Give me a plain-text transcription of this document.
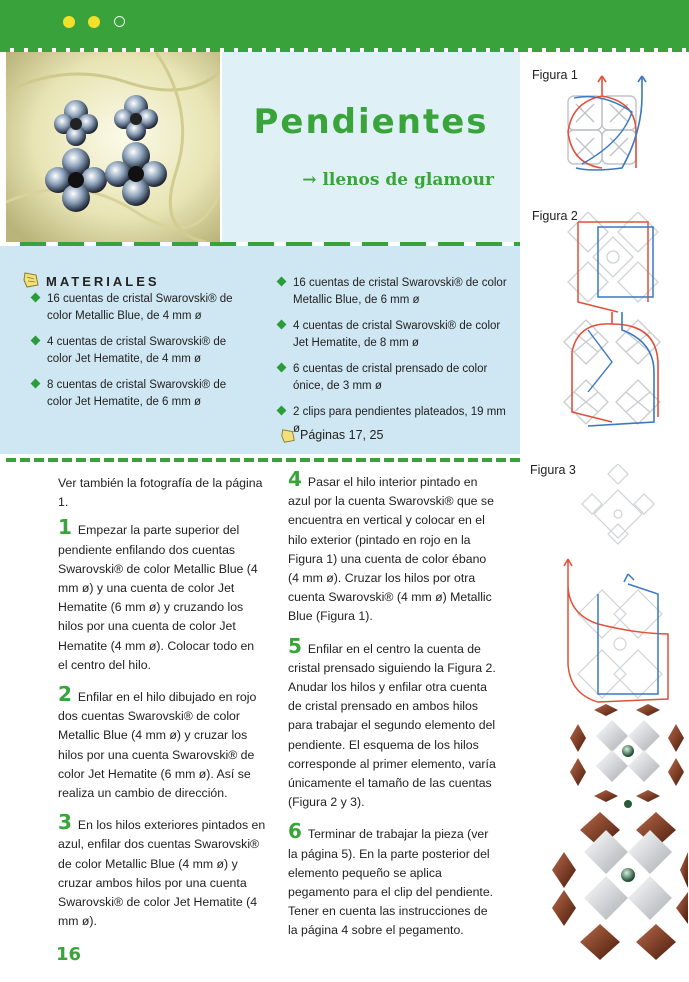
Pendientes
→ llenos de glamour
MATERIALES
16 cuentas de cristal Swarovski® de color Metallic Blue, de 4 mm ø
4 cuentas de cristal Swarovski® de color Jet Hematite, de 4 mm ø
8 cuentas de cristal Swarovski® de color Jet Hematite, de 6 mm ø
16 cuentas de cristal Swarovski® de color Metallic Blue, de 6 mm ø
4 cuentas de cristal Swarovski® de color Jet Hematite, de 8 mm ø
6 cuentas de cristal prensado de color ónice, de 3 mm ø
2 clips para pendientes plateados, 19 mm ø Páginas 17, 25

Ver también la fotografía de la página 1.

1 Empezar la parte superior del pendiente enfilando dos cuentas Swarovski® de color Metallic Blue (4 mm ø) y una cuenta de color Jet Hematite (6 mm ø) y cruzando los hilos por una cuenta de color Jet Hematite (4 mm ø). Colocar todo en el centro del hilo.

2 Enfilar en el hilo dibujado en rojo dos cuentas Swarovski® de color Metallic Blue (4 mm ø) y cruzar los hilos por una cuenta Swarovski® de color Jet Hematite (6 mm ø). Así se realiza un cambio de dirección.

3 En los hilos exteriores pintados en azul, enfilar dos cuentas Swarovski® de color Metallic Blue (4 mm ø) y cruzar ambos hilos por una cuenta Swarovski® de color Jet Hematite (4 mm ø).

4 Pasar el hilo interior pintado en azul por la cuenta Swarovski® que se encuentra en vertical y colocar en el hilo exterior (pintado en rojo en la Figura 1) una cuenta de color ébano (4 mm ø). Cruzar los hilos por otra cuenta Swarovski® (4 mm ø) Metallic Blue (Figura 1).

5 Enfilar en el centro la cuenta de cristal prensado siguiendo la Figura 2. Anudar los hilos y enfilar otra cuenta de cristal prensado en ambos hilos para trabajar el segundo elemento del pendiente. El esquema de los hilos corresponde al primer elemento, varía únicamente el tamaño de las cuentas (Figura 2 y 3).

6 Terminar de trabajar la pieza (ver la página 5). En la parte posterior del elemento pequeño se aplica pegamento para el clip del pendiente. Tener en cuenta las instrucciones de la página 4 sobre el pegamento.

16
Figura 1
Figura 2
Figura 3
